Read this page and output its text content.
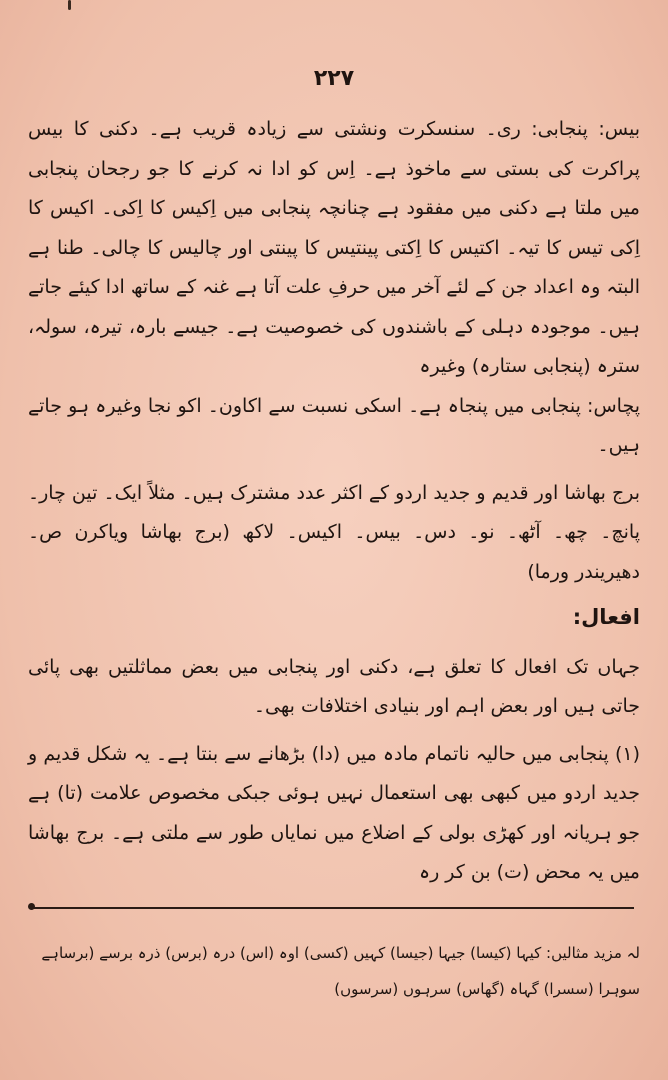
۲۲۷

بیس: پنجابی: ری۔ سنسکرت ونشتی سے زیادہ قریب ہے۔ دکنی کا بیس پراکرت کی بستی سے ماخوذ ہے۔ اِس کو ادا نہ کرنے کا جو رجحان پنجابی میں ملتا ہے دکنی میں مفقود ہے چنانچہ پنجابی میں اِکیس کا اِکی۔ اکیس کا اِکی تیس کا تیہ۔ اکتیس کا اِکتی پینتیس کا پینتی اور چالیس کا چالی۔ طنا ہے البتہ وہ اعداد جن کے لئے آخر میں حرفِ علت آتا ہے غنہ کے ساتھ ادا کیئے جاتے ہیں۔ موجودہ دہلی کے باشندوں کی خصوصیت ہے۔ جیسے بارہ، تیرہ، سولہ، سترہ (پنجابی ستارہ) وغیرہ

پچاس: پنجابی میں پنجاہ ہے۔ اسکی نسبت سے اکاون۔ اکو نجا وغیرہ ہو جاتے ہیں۔

برج بھاشا اور قدیم و جدید اردو کے اکثر عدد مشترک ہیں۔ مثلاً ایک۔ تین چار۔ پانچ۔ چھ۔ آٹھ۔ نو۔ دس۔ بیس۔ اکیس۔ لاکھ (برج بھاشا ویاکرن ص۔ دھیریندر ورما)

افعال:

جہاں تک افعال کا تعلق ہے، دکنی اور پنجابی میں بعض مماثلتیں بھی پائی جاتی ہیں اور بعض اہم اور بنیادی اختلافات بھی۔

(۱) پنجابی میں حالیہ ناتمام مادہ میں (دا) بڑھانے سے بنتا ہے۔ یہ شکل قدیم و جدید اردو میں کبھی بھی استعمال نہیں ہوئی جبکی مخصوص علامت (تا) ہے جو ہریانہ اور کھڑی بولی کے اضلاع میں نمایاں طور سے ملتی ہے۔ برج بھاشا میں یہ محض (ت) بن کر رہ

لہ مزید مثالیں: کیہا (کیسا) جیہا (جیسا) کہیں (کسی) اوہ (اس) درہ (برس) ذرہ برسے (برساہے

سوہرا (سسرا) گہاہ (گھاس) سرہوں (سرسوں)
